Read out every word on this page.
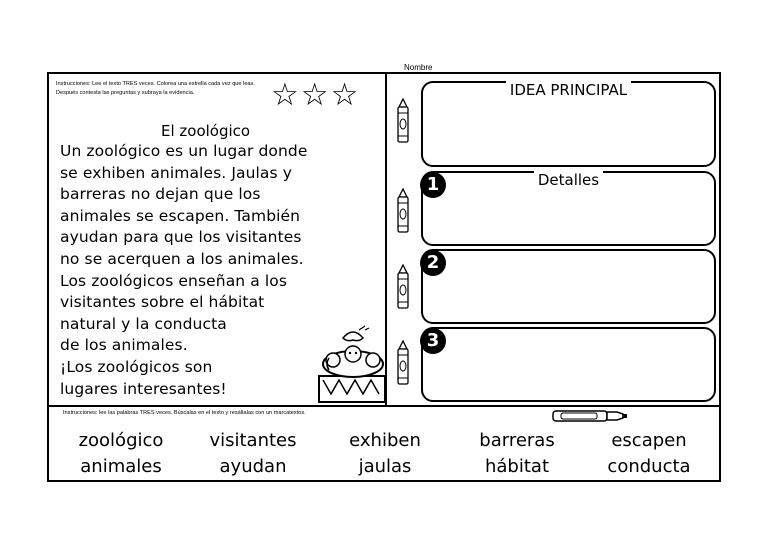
Nombre
Instrucciones: Lee el texto TRES veces. Colorea una estrella cada vez que leas. Después contesta las preguntas y subraya la evidencia.	☆ ☆ ☆
El zoológico
Un zoológico es un lugar donde
se exhiben animales. Jaulas y
barreras no dejan que los
animales se escapen. También
ayudan para que los visitantes
no se acerquen a los animales.
Los zoológicos enseñan a los
visitantes sobre el hábitat
natural y la conducta
de los animales.
¡Los zoológicos son
lugares interesantes!
IDEA PRINCIPAL
1	Detalles
2
3
Instrucciones: lee las palabras TRES veces. Búscalas en el texto y resáltalas con un marcatextos.
zoológico	visitantes	exhiben	barreras	escapen
animales	ayudan	jaulas	hábitat	conducta
